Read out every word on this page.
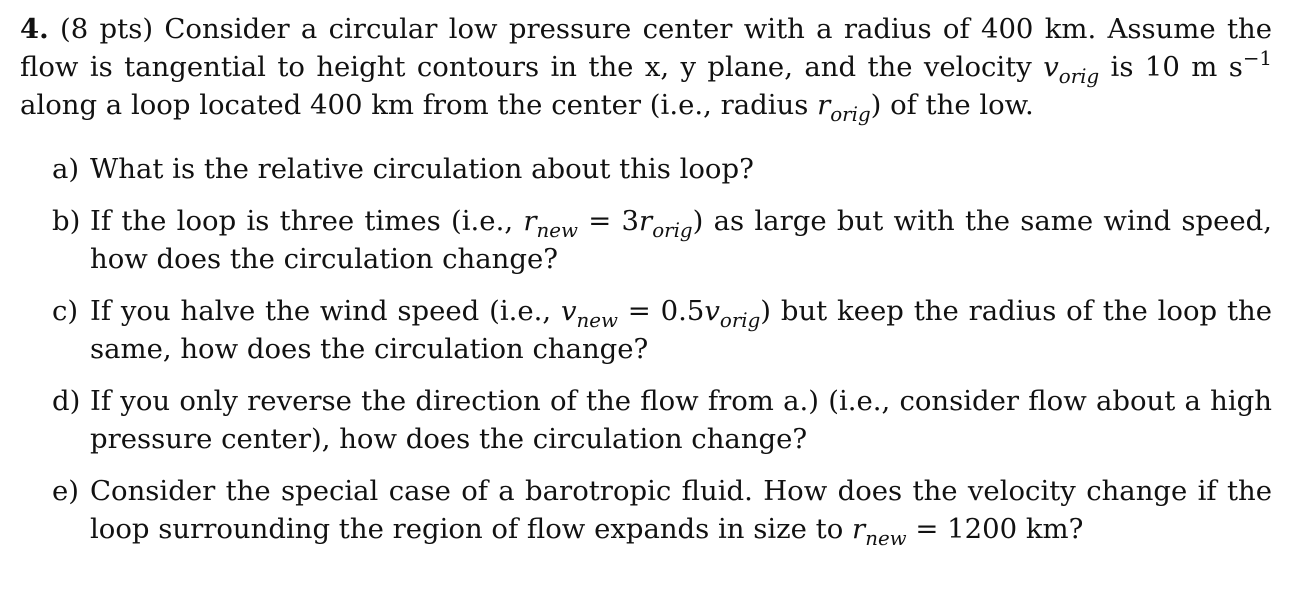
4. (8 pts) Consider a circular low pressure center with a radius of 400 km. Assume the flow is tangential to height contours in the x, y plane, and the velocity $v_{orig}$ is 10 m $s^{-1}$ along a loop located 400 km from the center (i.e., radius $r_{orig}$) of the low.

a) What is the relative circulation about this loop?
b) If the loop is three times (i.e., $r_{new} = 3r_{orig}$) as large but with the same wind speed, how does the circulation change?
c) If you halve the wind speed (i.e., $v_{new} = 0.5v_{orig}$) but keep the radius of the loop the same, how does the circulation change?
d) If you only reverse the direction of the flow from a.) (i.e., consider flow about a high pressure center), how does the circulation change?
e) Consider the special case of a barotropic fluid. How does the velocity change if the loop surrounding the region of flow expands in size to $r_{new} = 1200$ km?
